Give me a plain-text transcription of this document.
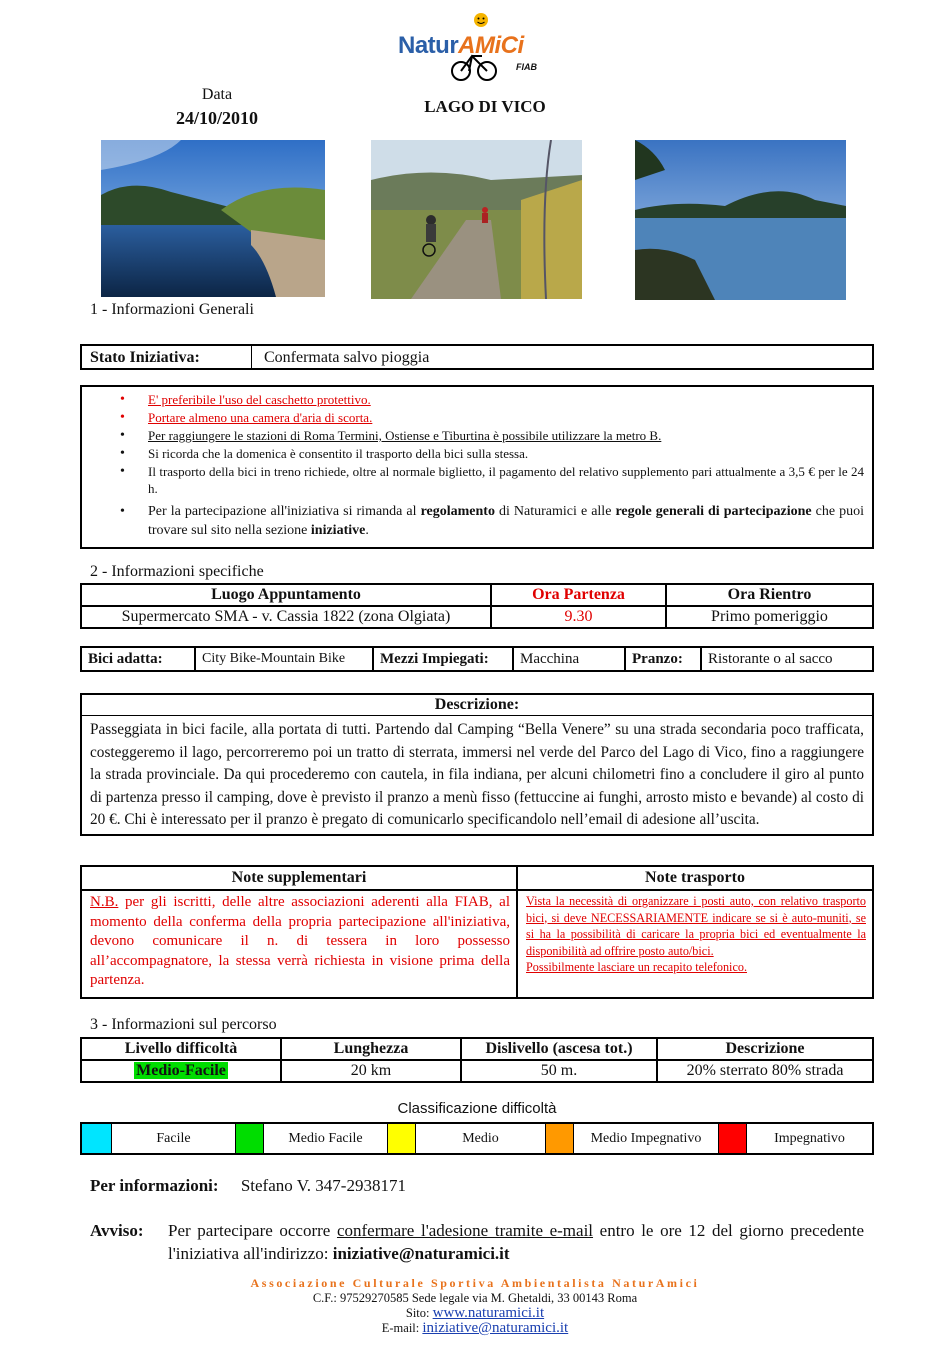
NaturAMiCi
FIAB
Data
24/10/2010
LAGO DI VICO
1 - Informazioni Generali
Stato Iniziativa:	Confermata salvo pioggia
• E' preferibile l'uso del caschetto protettivo.
• Portare almeno una camera d'aria di scorta.
• Per raggiungere le stazioni di Roma Termini, Ostiense e Tiburtina è possibile utilizzare la metro B.
• Si ricorda che la domenica è consentito il trasporto della bici sulla stessa.
• Il trasporto della bici in treno richiede, oltre al normale biglietto, il pagamento del relativo supplemento pari attualmente a 3,5 € per le 24 h.
• Per la partecipazione all'iniziativa si rimanda al regolamento di Naturamici e alle regole generali di partecipazione che puoi trovare sul sito nella sezione iniziative.
2 - Informazioni specifiche
Luogo Appuntamento	Ora Partenza	Ora Rientro
Supermercato SMA - v. Cassia 1822 (zona Olgiata)	9.30	Primo pomeriggio
Bici adatta:	City Bike-Mountain Bike	Mezzi Impiegati:	Macchina	Pranzo:	Ristorante o al sacco
Descrizione:
Passeggiata in bici facile, alla portata di tutti. Partendo dal Camping “Bella Venere” su una strada secondaria poco trafficata, costeggeremo il lago, percorreremo poi un tratto di sterrata, immersi nel verde del Parco del Lago di Vico, fino a raggiungere la strada provinciale. Da qui procederemo con cautela, in fila indiana, per alcuni chilometri fino a concludere il giro al punto di partenza presso il camping, dove è previsto il pranzo a menù fisso (fettuccine ai funghi, arrosto misto e bevande) al costo di 20 €. Chi è interessato per il pranzo è pregato di comunicarlo specificandolo nell’email di adesione all’uscita.
Note supplementari
N.B. per gli iscritti, delle altre associazioni aderenti alla FIAB, al momento della conferma della propria partecipazione all'iniziativa, devono comunicare il n. di tessera in loro possesso all’accompagnatore, la stessa verrà richiesta in visione prima della partenza.
Note trasporto
Vista la necessità di organizzare i posti auto, con relativo trasporto bici, si deve NECESSARIAMENTE indicare se si è auto-muniti, se si ha la possibilità di caricare la propria bici ed eventualmente la disponibilità ad offrire posto auto/bici.
Possibilmente lasciare un recapito telefonico.
3 - Informazioni sul percorso
Livello difficoltà	Lunghezza	Dislivello (ascesa tot.)	Descrizione
Medio-Facile	20 km	50 m.	20% sterrato 80% strada
Classificazione difficoltà
Facile	Medio Facile	Medio	Medio Impegnativo	Impegnativo
Per informazioni: Stefano V. 347-2938171
Avviso:	Per partecipare occorre confermare l'adesione tramite e-mail entro le ore 12 del giorno precedente l'iniziativa all'indirizzo: iniziative@naturamici.it
Associazione Culturale Sportiva Ambientalista NaturAmici
C.F.: 97529270585 Sede legale via M. Ghetaldi, 33 00143 Roma
Sito: www.naturamici.it
E-mail: iniziative@naturamici.it
